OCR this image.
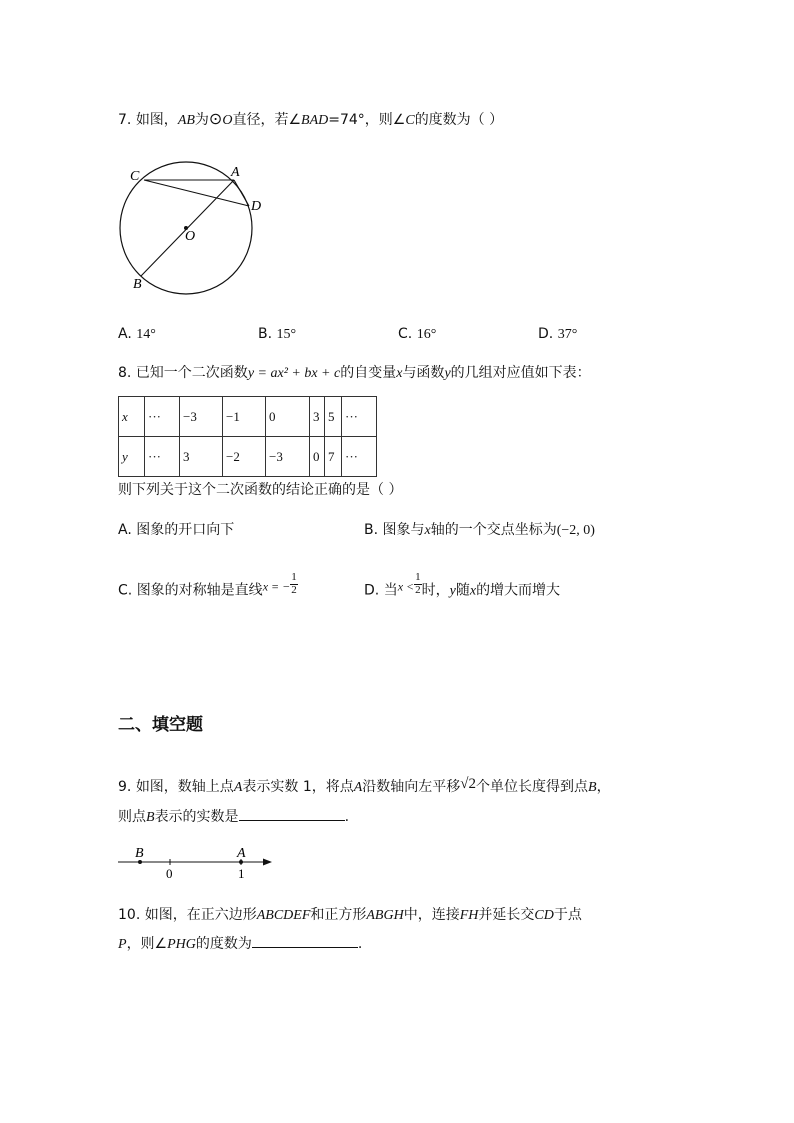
7. 如图，AB为⊙O直径，若∠BAD=74°，则∠C的度数为（ ）
C	A
D
O
B
A. 14°	B. 15°	C. 16°	D. 37°
8. 已知一个二次函数y = ax² + bx + c的自变量x与函数y的几组对应值如下表：
x	···	−3	−1	0	3	5	···
y	···	3	−2	−3	0	7	···
则下列关于这个二次函数的结论正确的是（ ）
A. 图象的开口向下	B. 图象与x轴的一个交点坐标为(−2, 0)
C. 图象的对称轴是直线x = − $\frac{1}{2}$	D. 当$x < \frac{1}{2}$ 时，y随x的增大而增大
二、填空题
9. 如图，数轴上点A表示实数 1，将点A沿数轴向左平移√2个单位长度得到点B，
则点B表示的实数是	.
B	A
0	1
10. 如图，在正六边形ABCDEF和正方形ABGH中，连接FH并延长交CD于点
P，则∠PHG的度数为	.
